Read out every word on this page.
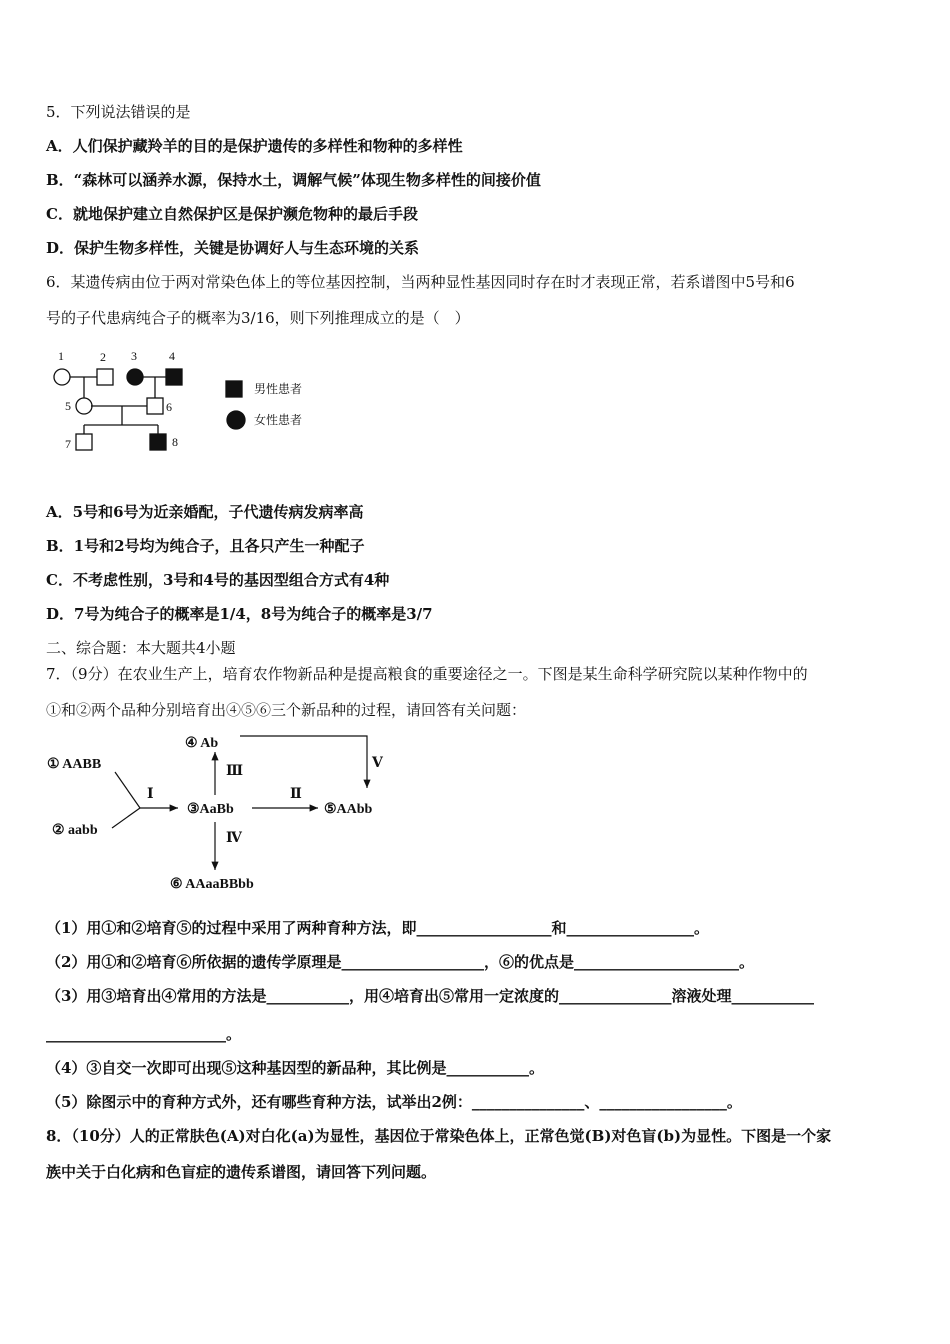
5．下列说法错误的是
A．人们保护藏羚羊的目的是保护遗传的多样性和物种的多样性
B．“森林可以涵养水源，保持水土，调解气候”体现生物多样性的间接价值
C．就地保护建立自然保护区是保护濒危物种的最后手段
D．保护生物多样性，关键是协调好人与生态环境的关系
6．某遗传病由位于两对常染色体上的等位基因控制，当两种显性基因同时存在时才表现正常，若系谱图中5号和6
号的子代患病纯合子的概率为3/16，则下列推理成立的是（　）
1	2 3	4
5	6
7	8
男性患者
女性患者
① AABB
② aabb
③AaBb
④ Ab
⑤AAbb
⑥ AAaaBBbb
Ⅰ	Ⅱ
Ⅲ
Ⅳ
Ⅴ
A．5号和6号为近亲婚配，子代遗传病发病率高
B．1号和2号均为纯合子，且各只产生一种配子
C．不考虑性别，3号和4号的基因型组合方式有4种
D．7号为纯合子的概率是1/4，8号为纯合子的概率是3/7
二、综合题：本大题共4小题
7．（9分）在农业生产上，培育农作物新品种是提高粮食的重要途径之一。下图是某生命科学研究院以某种作物中的
①和②两个品种分别培育出④⑤⑥三个新品种的过程，请回答有关问题：
（1）用①和②培育⑤的过程中采用了两种育种方法，即__________________和_________________。
（2）用①和②培育⑥所依据的遗传学原理是___________________，⑥的优点是______________________。
（3）用③培育出④常用的方法是___________，用④培育出⑤常用一定浓度的_______________溶液处理___________
________________________。
（4）③自交一次即可出现⑤这种基因型的新品种，其比例是___________。
（5）除图示中的育种方式外，还有哪些育种方法，试举出2例：_______________、_________________。
8．（10分）人的正常肤色(A)对白化(a)为显性，基因位于常染色体上，正常色觉(B)对色盲(b)为显性。下图是一个家
族中关于白化病和色盲症的遗传系谱图，请回答下列问题。
